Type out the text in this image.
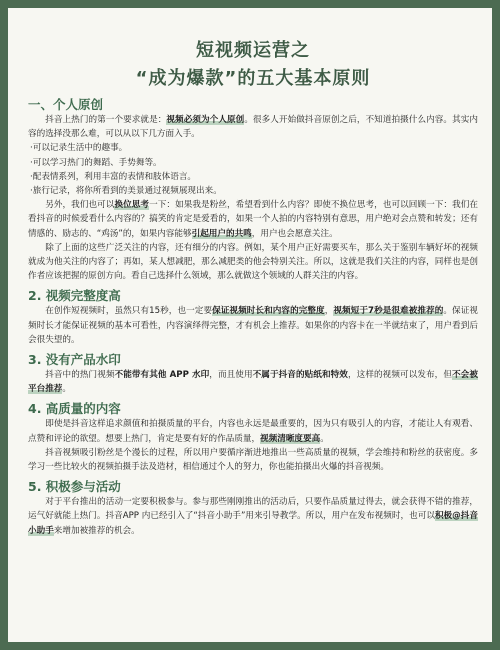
短视频运营之
“成为爆款”的五大基本原则
一、个人原创

抖音上热门的第一个要求就是：视频必须为个人原创。很多人开始做抖音原创之后，不知道拍摄什么内容。其实内容的选择没那么难，可以从以下几方面入手。

·可以记录生活中的趣事。
·可以学习热门的舞蹈、手势舞等。
·配表情系列，利用丰富的表情和肢体语言。
·旅行记录，将你所看到的美景通过视频展现出来。

另外，我们也可以换位思考一下：如果我是粉丝，希望看到什么内容？即使不换位思考，也可以回顾一下：我们在看抖音的时候爱看什么内容的？搞笑的肯定是爱看的，如果一个人拍的内容特别有意思，用户绝对会点赞和转发；还有情感的、励志的、“鸡汤”的，如果内容能够引起用户的共鸣，用户也会愿意关注。

除了上面的这些广泛关注的内容，还有细分的内容。例如，某个用户正好需要买车，那么关于鉴别车辆好坏的视频就成为他关注的内容了；再如，某人想减肥，那么减肥类的他会特别关注。所以，这就是我们关注的内容，同样也是创作者应该把握的原创方向。看自己选择什么领域，那么就做这个领域的人群关注的内容。

2. 视频完整度高

在创作短视频时，虽然只有15秒，也一定要保证视频时长和内容的完整度，视频短于7秒是很难被推荐的。保证视频时长才能保证视频的基本可看性，内容演绎得完整，才有机会上推荐。如果你的内容卡在一半就结束了，用户看到后会很失望的。

3. 没有产品水印

抖音中的热门视频不能带有其他 APP 水印，而且使用不属于抖音的贴纸和特效，这样的视频可以发布，但不会被平台推荐。

4. 高质量的内容

即使是抖音这样追求颜值和拍摄质量的平台，内容也永远是最重要的，因为只有吸引人的内容，才能让人有观看、点赞和评论的欲望。想要上热门，肯定是要有好的作品质量，视频清晰度要高。

抖音视频吸引粉丝是个漫长的过程，所以用户要循序渐进地推出一些高质量的视频，学会维持和粉丝的获密度。多学习一些比较火的视频拍摄手法及造材，相信通过个人的努力，你也能拍摄出火爆的抖音视频。

5. 积极参与活动

对于平台推出的活动一定要积极参与。参与那些刚刚推出的活动后，只要作品质量过得去，就会获得不错的推荐，运气好就能上热门。抖音APP 内已经引入了“抖音小助手”用来引导教学。所以，用户在发布视频时，也可以积极@抖音小助手来增加被推荐的机会。
